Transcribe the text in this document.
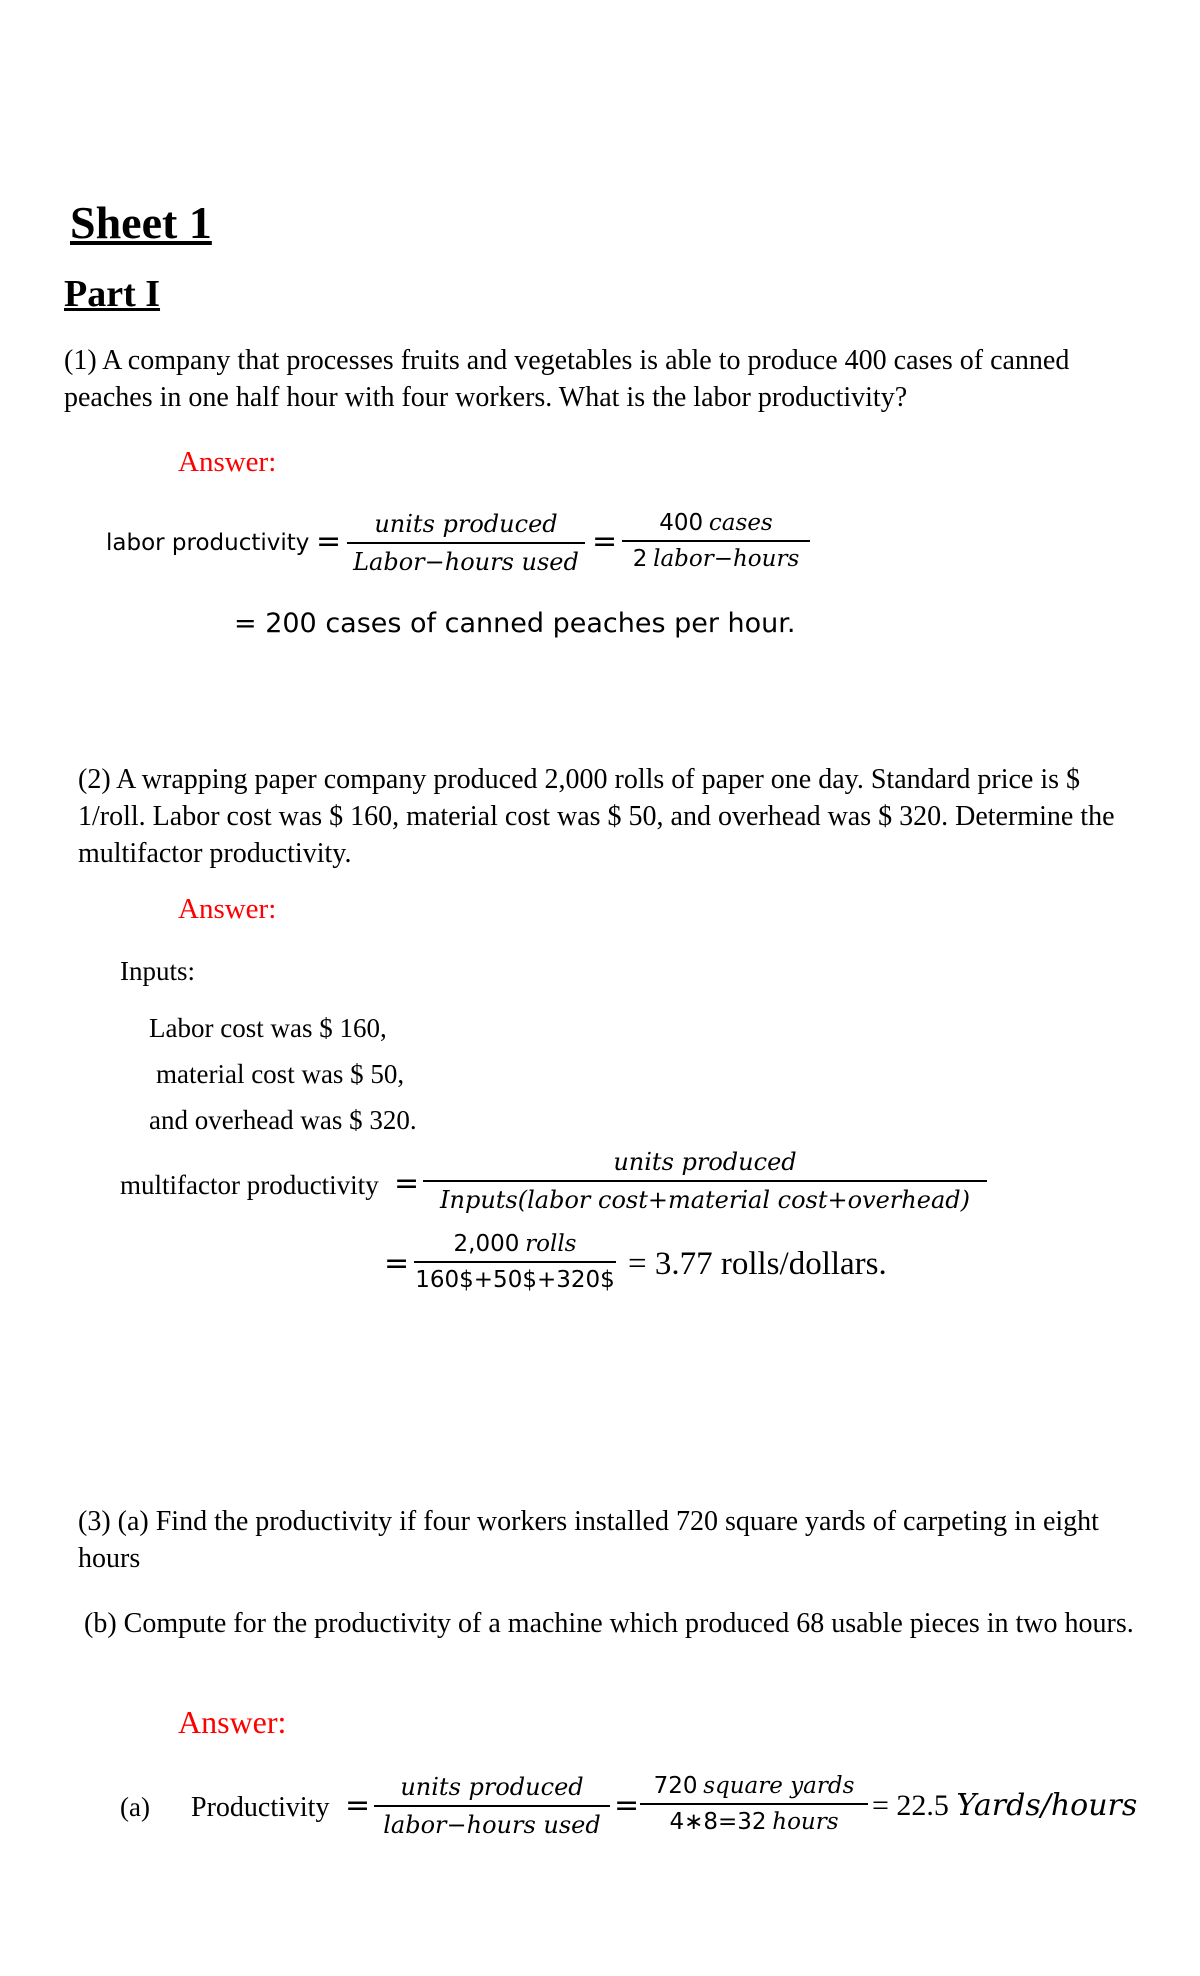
Sheet 1
Part I
(1) A company that processes fruits and vegetables is able to produce 400 cases of canned peaches in one half hour with four workers. What is the labor productivity?
Answer:
labor productivity = units produced
Labor−hours used
=
400 cases
2 labor−hours
= 200 cases of canned peaches per hour.
(2) A wrapping paper company produced 2,000 rolls of paper one day. Standard price is $ 1/roll. Labor cost was $ 160, material cost was $ 50, and overhead was $ 320. Determine the multifactor productivity.
Answer:
Inputs:
Labor cost was $ 160,
material cost was $ 50,
and overhead was $ 320.
multifactor productivity =
units produced
Inputs(labor cost+material cost+overhead)
=
2,000 rolls
160$+50$+320$ = 3.77 rolls/dollars.
(3) (a) Find the productivity if four workers installed 720 square yards of carpeting in eight hours
(b) Compute for the productivity of a machine which produced 68 usable pieces in two hours.
Answer:
(a) Productivity =
units produced
labor−hours used
=
720 square yards
4∗8=32 hours = 22.5 Yards/hours
